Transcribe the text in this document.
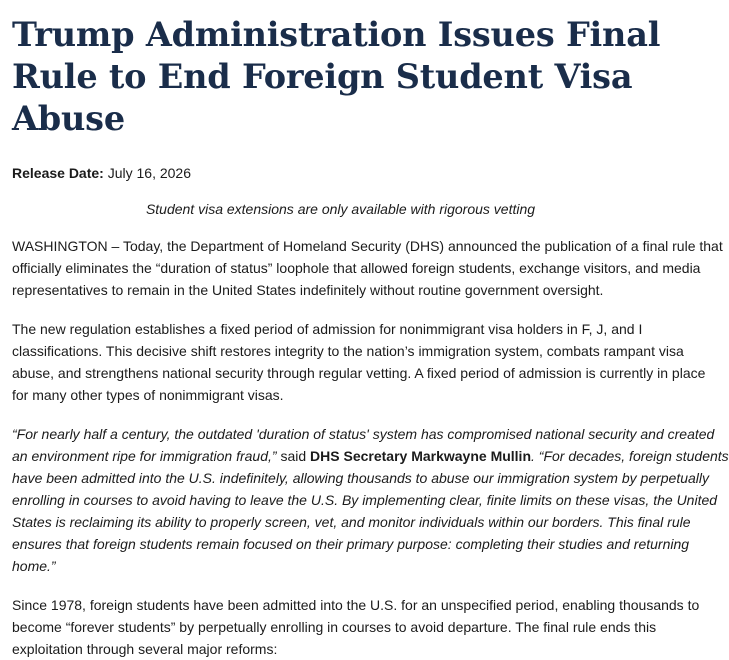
Trump Administration Issues Final
Rule to End Foreign Student Visa
Abuse
Release Date: July 16, 2026
Student visa extensions are only available with rigorous vetting
WASHINGTON – Today, the Department of Homeland Security (DHS) announced the publication of a final rule that
officially eliminates the “duration of status” loophole that allowed foreign students, exchange visitors, and media
representatives to remain in the United States indefinitely without routine government oversight.
The new regulation establishes a fixed period of admission for nonimmigrant visa holders in F, J, and I
classifications. This decisive shift restores integrity to the nation’s immigration system, combats rampant visa
abuse, and strengthens national security through regular vetting. A fixed period of admission is currently in place
for many other types of nonimmigrant visas.
“For nearly half a century, the outdated 'duration of status' system has compromised national security and created
an environment ripe for immigration fraud,” said DHS Secretary Markwayne Mullin. “For decades, foreign students
have been admitted into the U.S. indefinitely, allowing thousands to abuse our immigration system by perpetually
enrolling in courses to avoid having to leave the U.S. By implementing clear, finite limits on these visas, the United
States is reclaiming its ability to properly screen, vet, and monitor individuals within our borders. This final rule
ensures that foreign students remain focused on their primary purpose: completing their studies and returning
home.”
Since 1978, foreign students have been admitted into the U.S. for an unspecified period, enabling thousands to
become “forever students” by perpetually enrolling in courses to avoid departure. The final rule ends this
exploitation through several major reforms:
